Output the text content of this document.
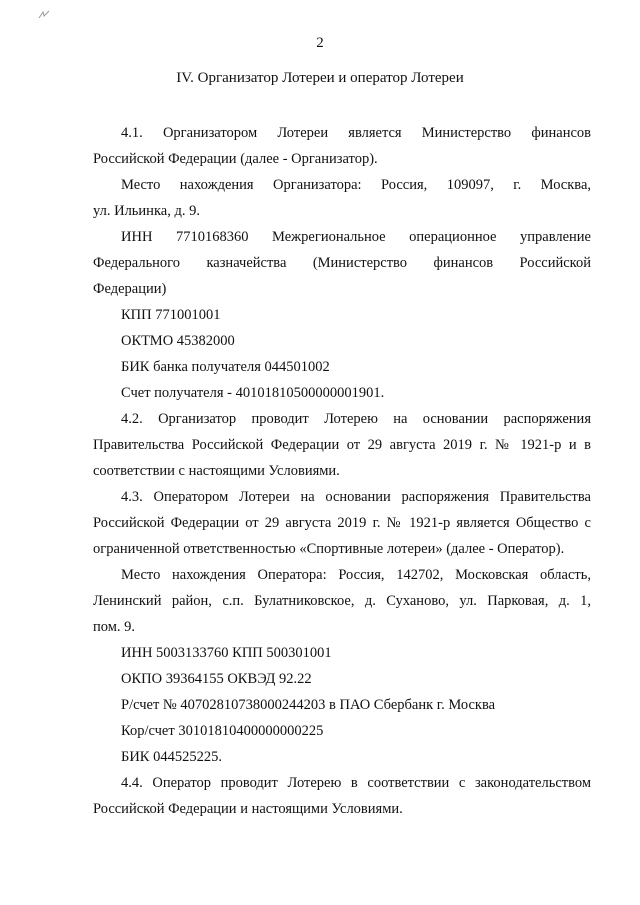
2
IV. Организатор Лотереи и оператор Лотереи
4.1. Организатором Лотереи является Министерство финансов
Российской Федерации (далее - Организатор).
Место нахождения Организатора: Россия, 109097, г. Москва,
ул. Ильинка, д. 9.
ИНН 7710168360 Межрегиональное операционное управление
Федерального казначейства (Министерство финансов Российской
Федерации)
КПП 771001001
ОКТМО 45382000
БИК банка получателя 044501002
Счет получателя - 40101810500000001901.
4.2. Организатор проводит Лотерею на основании распоряжения
Правительства Российской Федерации от 29 августа 2019 г. № 1921-р и в
соответствии с настоящими Условиями.
4.3. Оператором Лотереи на основании распоряжения Правительства
Российской Федерации от 29 августа 2019 г. № 1921-р является Общество с
ограниченной ответственностью «Спортивные лотереи» (далее - Оператор).
Место нахождения Оператора: Россия, 142702, Московская область,
Ленинский район, с.п. Булатниковское, д. Суханово, ул. Парковая, д. 1,
пом. 9.
ИНН 5003133760 КПП 500301001
ОКПО 39364155 ОКВЭД 92.22
Р/счет № 40702810738000244203 в ПАО Сбербанк г. Москва
Кор/счет 30101810400000000225
БИК 044525225.
4.4. Оператор проводит Лотерею в соответствии с законодательством
Российской Федерации и настоящими Условиями.
